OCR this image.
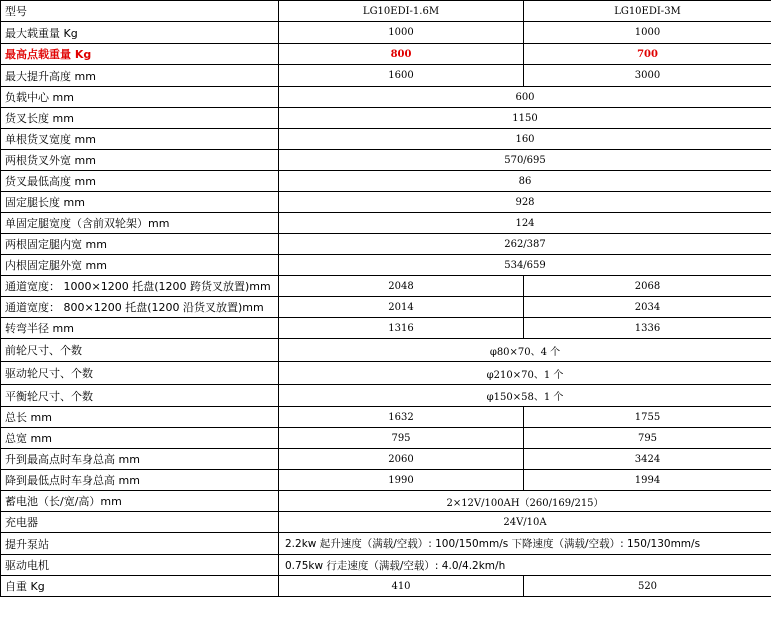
型号	LG10EDⅠ-1.6M	LG10EDⅠ-3M
最大载重量 Kg	1000	1000
最高点载重量 Kg	800	700
最大提升高度 mm	1600	3000
负载中心 mm	600	
货叉长度 mm	1150	
单根货叉宽度 mm	160	
两根货叉外宽 mm	570/695	
货叉最低高度 mm	86	
固定腿长度 mm	928	
单固定腿宽度（含前双轮架）mm	124	
两根固定腿内宽 mm	262/387	
内根固定腿外宽 mm	534/659	
通道宽度： 1000×1200 托盘(1200 跨货叉放置)mm	2048	2068
通道宽度： 800×1200 托盘(1200 沿货叉放置)mm	2014	2034
转弯半径 mm	1316	1336
前轮尺寸、个数	φ80×70、4 个	
驱动轮尺寸、个数	φ210×70、1 个	
平衡轮尺寸、个数	φ150×58、1 个	
总长 mm	1632	1755
总宽 mm	795	795
升到最高点时车身总高 mm	2060	3424
降到最低点时车身总高 mm	1990	1994
蓄电池（长/宽/高）mm	2×12V/100AH（260/169/215）	
充电器	24V/10A	
提升泵站	2.2kw 起升速度（满载/空载）: 100/150mm/s 下降速度（满载/空载）: 150/130mm/s	
驱动电机	0.75kw 行走速度（满载/空载）: 4.0/4.2km/h	
自重 Kg	410	520
